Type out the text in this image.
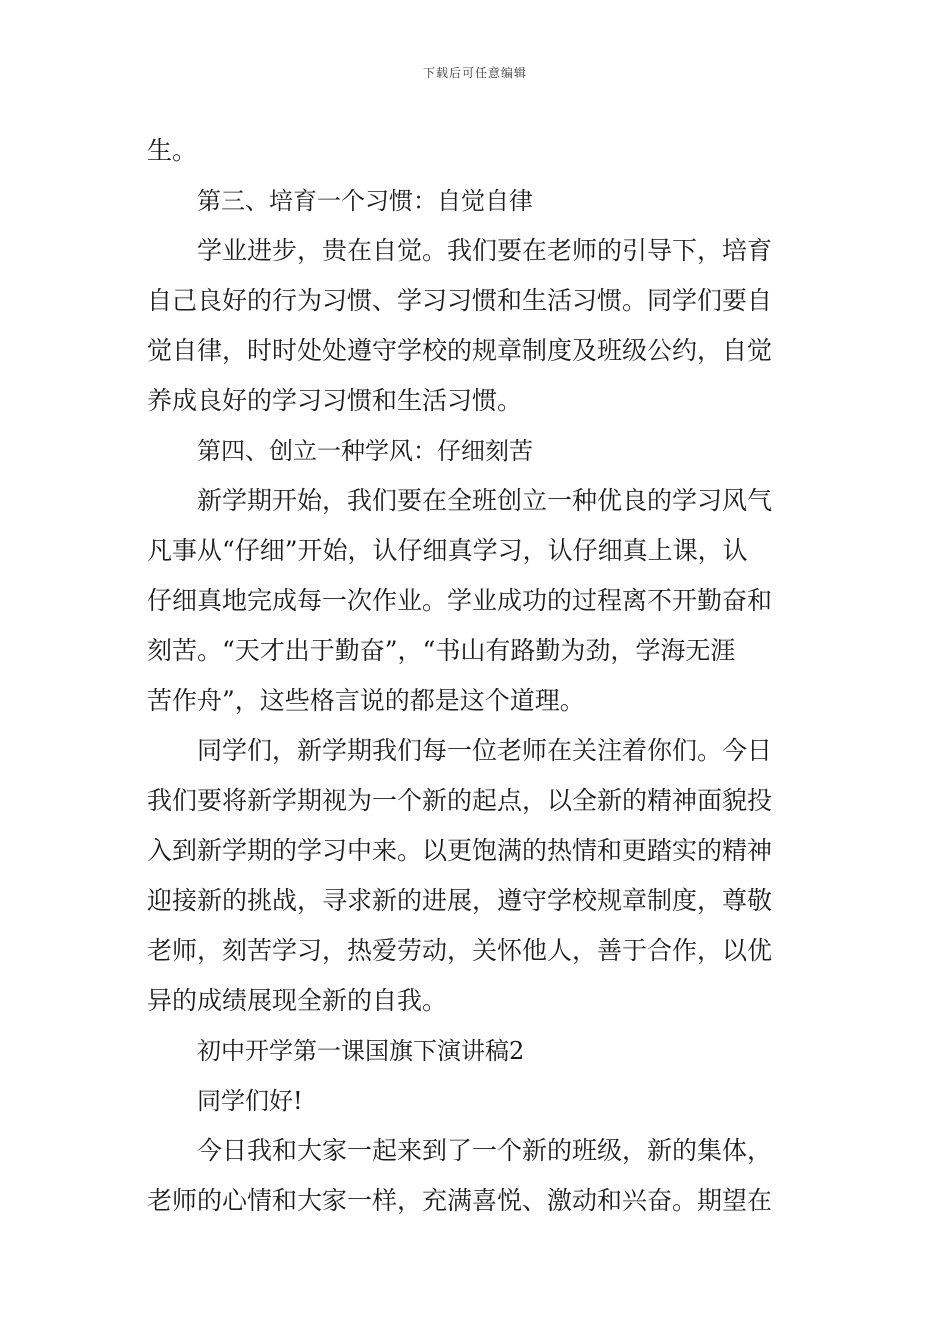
下载后可任意编辑
生。
第三、培育一个习惯：自觉自律
学业进步，贵在自觉。我们要在老师的引导下，培育
自己良好的行为习惯、学习习惯和生活习惯。同学们要自
觉自律，时时处处遵守学校的规章制度及班级公约，自觉
养成良好的学习习惯和生活习惯。
第四、创立一种学风：仔细刻苦
新学期开始，我们要在全班创立一种优良的学习风气
凡事从“仔细”开始，认仔细真学习，认仔细真上课，认
仔细真地完成每一次作业。学业成功的过程离不开勤奋和
刻苦。“天才出于勤奋”，“书山有路勤为劲，学海无涯
苦作舟”，这些格言说的都是这个道理。
同学们，新学期我们每一位老师在关注着你们。今日
我们要将新学期视为一个新的起点，以全新的精神面貌投
入到新学期的学习中来。以更饱满的热情和更踏实的精神
迎接新的挑战，寻求新的进展，遵守学校规章制度，尊敬
老师，刻苦学习，热爱劳动，关怀他人，善于合作，以优
异的成绩展现全新的自我。
初中开学第一课国旗下演讲稿2
同学们好!
今日我和大家一起来到了一个新的班级，新的集体，
老师的心情和大家一样，充满喜悦、激动和兴奋。期望在
